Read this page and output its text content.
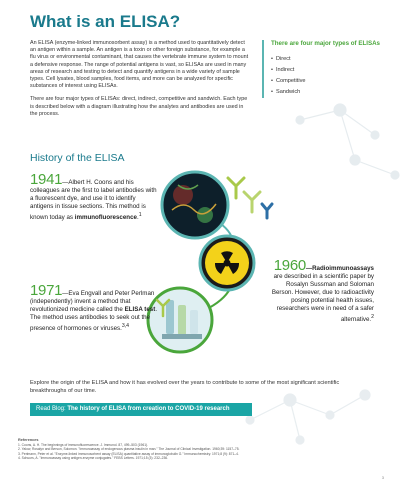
What is an ELISA?

An ELISA (enzyme-linked immunosorbent assay) is a method used to quantitatively detect an antigen within a sample. An antigen is a toxin or other foreign substance, for example a flu virus or environmental contaminant, that causes the vertebrate immune system to mount a defensive response. The range of potential antigens is vast, so ELISAs are used in many areas of research and testing to detect and quantify antigens in a wide variety of sample types. Cell lysates, blood samples, food items, and more can be analyzed for specific substances of interest using ELISAs.

There are four major types of ELISAs: direct, indirect, competitive and sandwich. Each type is described below with a diagram illustrating how the analytes and antibodies are used in the process.

There are four major types of ELISAs
• Direct
• Indirect
• Competitive
• Sandwich
History of the ELISA
1941—Albert H. Coons and his colleagues are the first to label antibodies with a fluorescent dye, and use it to identify antigens in tissue sections. This method is known today as immunofluorescence.$^1$
1960—Radioimmunoassays are described in a scientific paper by Rosalyn Sussman and Soloman Berson. However, due to radioactivity posing potential health issues, researchers were in need of a safer alternative.$^2$
1971—Eva Engvall and Peter Perlman (independently) invent a method that revolutionized medicine called the ELISA test. The method uses antibodies to seek out the presence of hormones or viruses.$^{3,4}$
Explore the origin of the ELISA and how it has evolved over the years to contribute to some of the most significant scientific breakthroughs of our time.
Read Blog: The history of ELISA from creation to COVID-19 research
References
1. Coons, A. H. The beginnings of immunofluorescence. J. Immunol. 87, 499–503 (1961).
2. Yalow, Rosalyn and Berson, Solomon. "Immunoassay of endogenous plasma insulin in man." The Journal of Clinical Investigation. 1960;39: 1157–75.
3. Perlmann, Peter et al. "Enzyme-linked immunosorbent assay (ELISA) quantitative assay of immunoglobulin G." Immunochemistry. 1971;8 (9): 871–4.
4. Schuurs, A. "Immunoassay using antigen-enzyme conjugates." FEBS Letters. 1971;15 (3): 232–236.
3
